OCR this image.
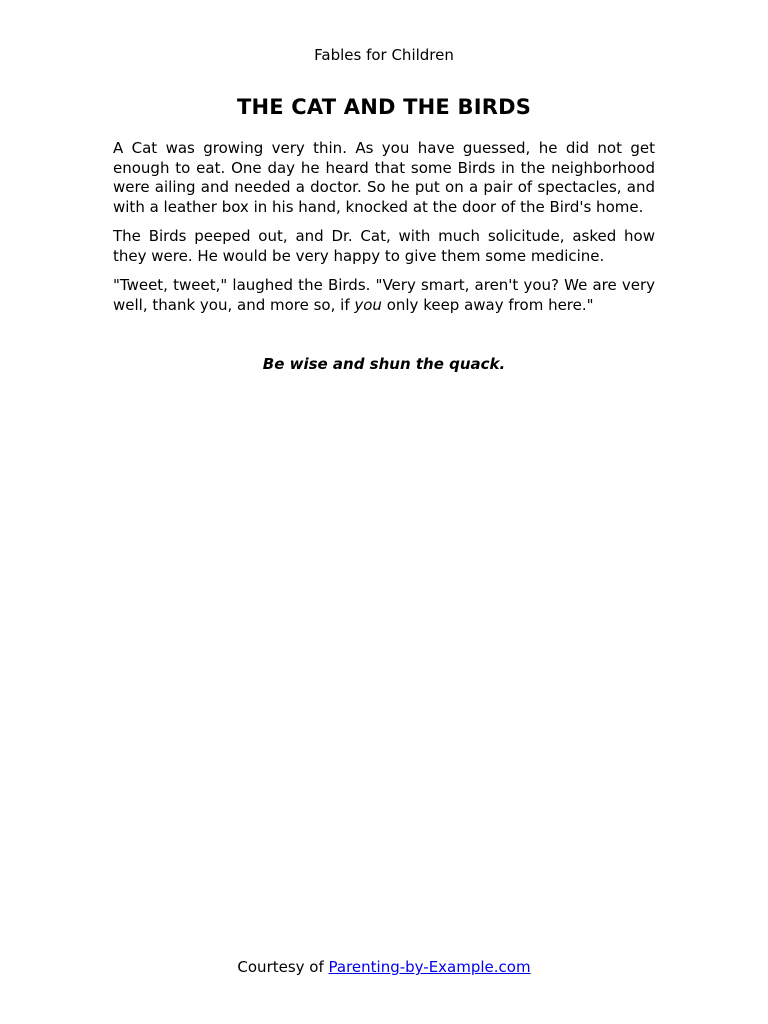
Fables for Children
THE CAT AND THE BIRDS

A Cat was growing very thin. As you have guessed, he did not get enough to eat. One day he heard that some Birds in the neighborhood were ailing and needed a doctor. So he put on a pair of spectacles, and with a leather box in his hand, knocked at the door of the Bird's home.

The Birds peeped out, and Dr. Cat, with much solicitude, asked how they were. He would be very happy to give them some medicine.

"Tweet, tweet," laughed the Birds. "Very smart, aren't you? We are very well, thank you, and more so, if you only keep away from here."

Be wise and shun the quack.
Courtesy of Parenting-by-Example.com
